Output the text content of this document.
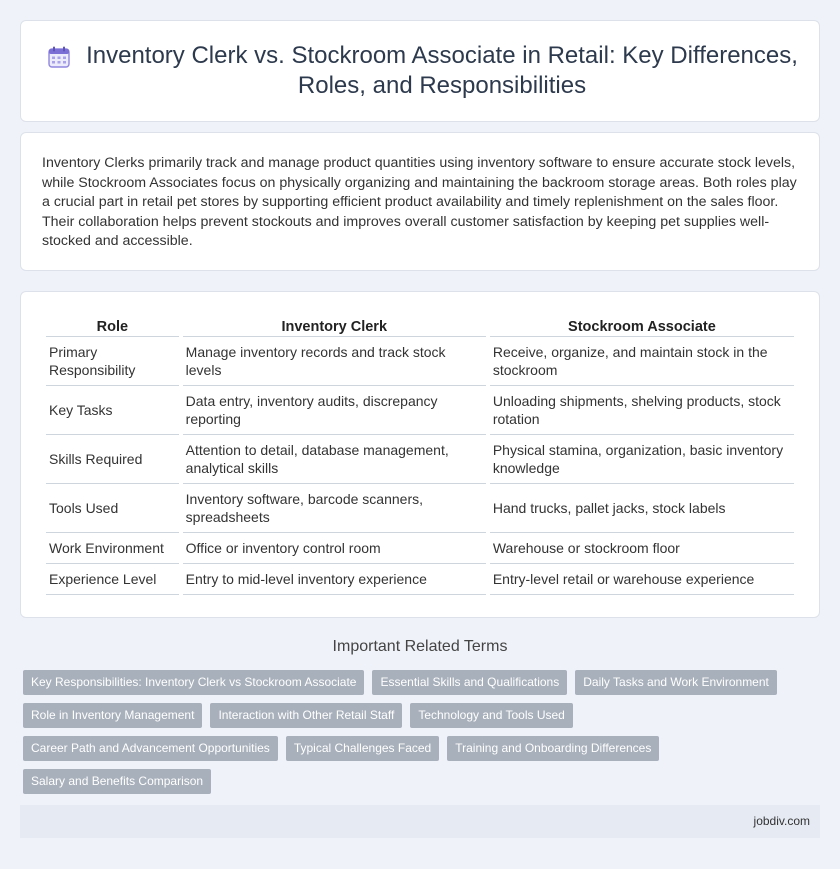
Inventory Clerk vs. Stockroom Associate in Retail: Key Differences, Roles, and Responsibilities

Inventory Clerks primarily track and manage product quantities using inventory software to ensure accurate stock levels, while Stockroom Associates focus on physically organizing and maintaining the backroom storage areas. Both roles play a crucial part in retail pet stores by supporting efficient product availability and timely replenishment on the sales floor. Their collaboration helps prevent stockouts and improves overall customer satisfaction by keeping pet supplies well-stocked and accessible.

Role	Inventory Clerk	Stockroom Associate
Primary Responsibility	Manage inventory records and track stock levels	Receive, organize, and maintain stock in the stockroom
Key Tasks	Data entry, inventory audits, discrepancy reporting	Unloading shipments, shelving products, stock rotation
Skills Required	Attention to detail, database management, analytical skills	Physical stamina, organization, basic inventory knowledge
Tools Used	Inventory software, barcode scanners, spreadsheets	Hand trucks, pallet jacks, stock labels
Work Environment	Office or inventory control room	Warehouse or stockroom floor
Experience Level	Entry to mid-level inventory experience	Entry-level retail or warehouse experience
Important Related Terms
Key Responsibilities: Inventory Clerk vs Stockroom Associate	Essential Skills and Qualifications	Daily Tasks and Work Environment
Role in Inventory Management	Interaction with Other Retail Staff	Technology and Tools Used
Career Path and Advancement Opportunities	Typical Challenges Faced	Training and Onboarding Differences
Salary and Benefits Comparison
jobdiv.com
